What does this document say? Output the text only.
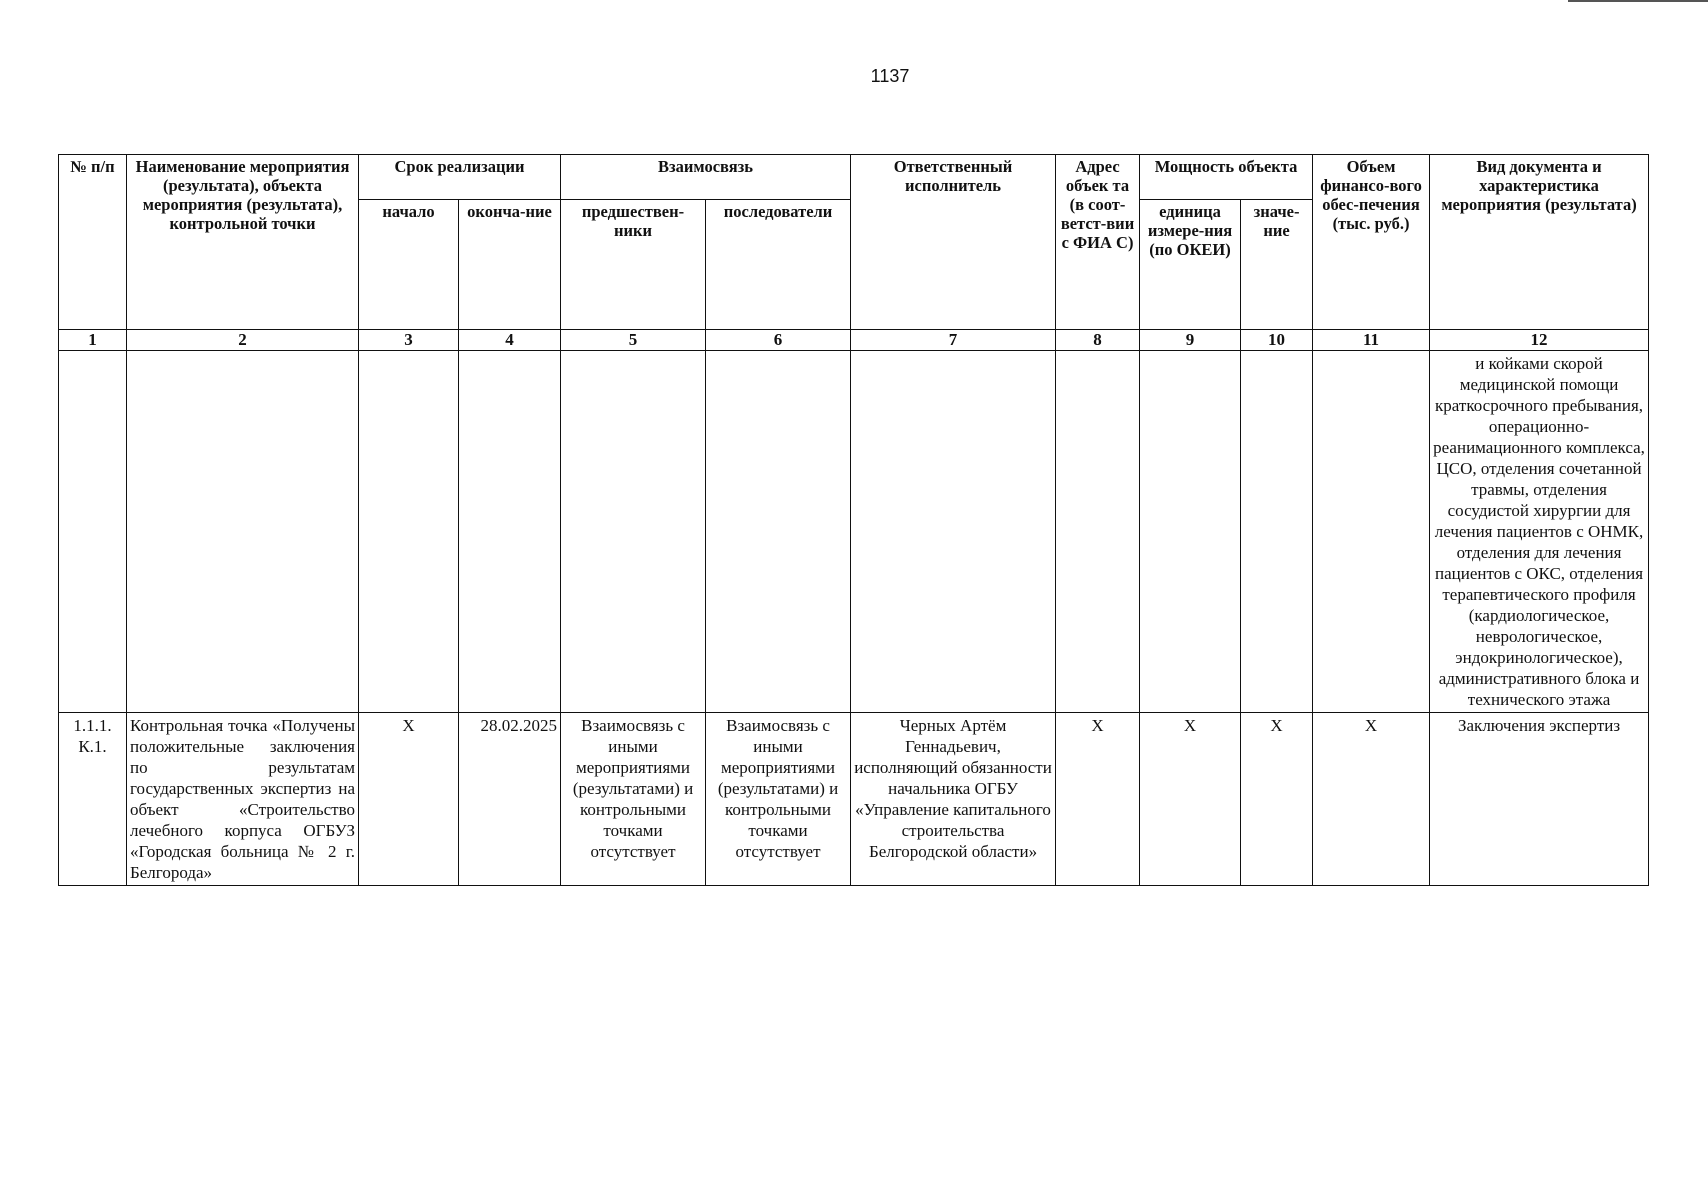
1137
№ п/п	Наименование мероприятия (результата), объекта мероприятия (результата), контрольной точки	Срок реализации		Взаимосвязь		Ответственный исполнитель	Адрес объек та (в соот-ветст-вии с ФИА С)	Мощность объекта		Объем финансо-вого обес-печения (тыс. руб.)	Вид документа и характеристика мероприятия (результата)
		начало	оконча-ние	предшествен-ники	последователи			единица измере-ния (по ОКЕИ)	значе-ние		
1	2	3	4	5	6	7	8	9	10	11	12
											и койками скорой медицинской помощи краткосрочного пребывания, операционно-реанимационного комплекса, ЦСО, отделения сочетанной травмы, отделения сосудистой хирургии для лечения пациентов с ОНМК, отделения для лечения пациентов с ОКС, отделения терапевтического профиля (кардиологическое, неврологическое, эндокринологическое), административного блока и технического этажа
1.1.1. К.1.	Контрольная точка «Получены положительные заключения по результатам государственных экспертиз на объект «Строительство лечебного корпуса ОГБУЗ «Городская больница № 2 г. Белгорода»	X	28.02.2025	Взаимосвязь с иными мероприятиями (результатами) и контрольными точками отсутствует	Взаимосвязь с иными мероприятиями (результатами) и контрольными точками отсутствует	Черных Артём Геннадьевич, исполняющий обязанности начальника ОГБУ «Управление капитального строительства Белгородской области»	X	X	X	X	Заключения экспертиз
